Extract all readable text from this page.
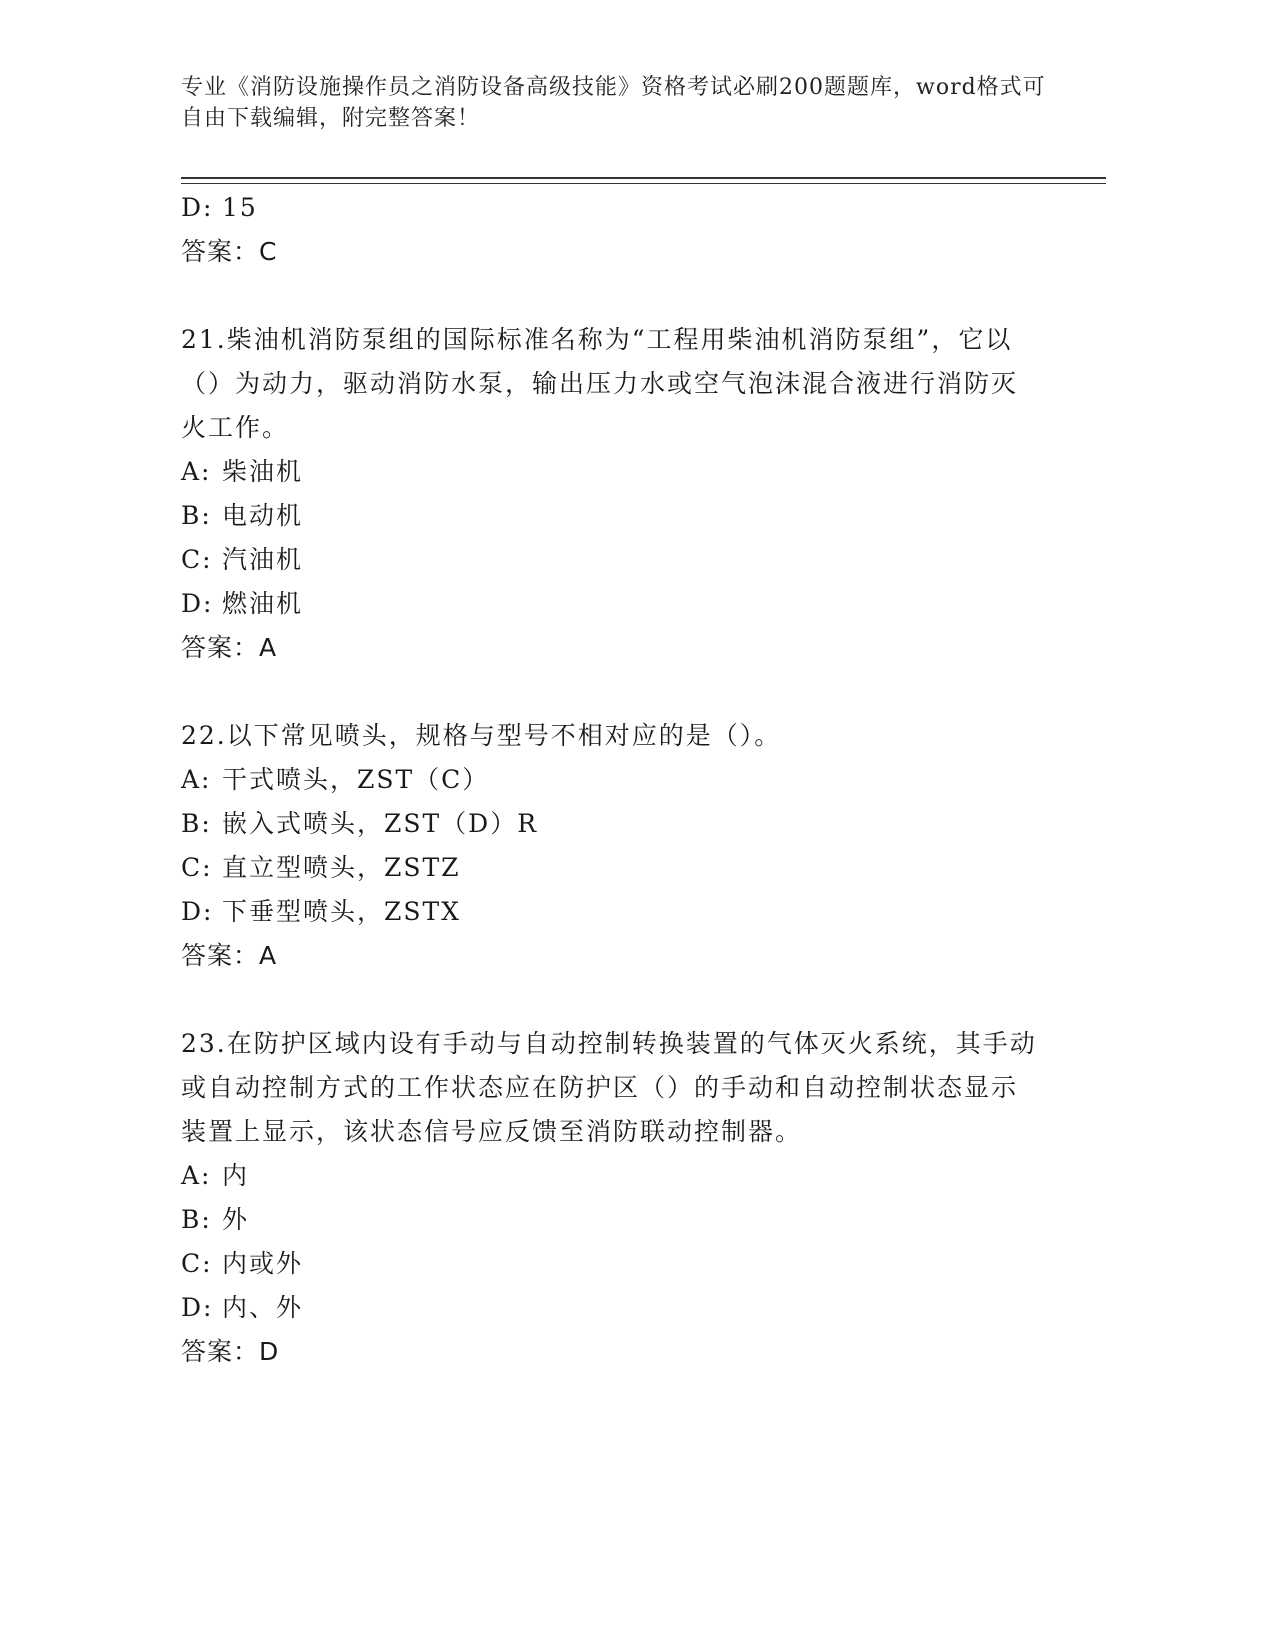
专业《消防设施操作员之消防设备高级技能》资格考试必刷200题题库，word格式可自由下载编辑，附完整答案！
D: 15
答案：C
21.柴油机消防泵组的国际标准名称为“工程用柴油机消防泵组”，它以（）为动力，驱动消防水泵，输出压力水或空气泡沫混合液进行消防灭火工作。
A: 柴油机
B: 电动机
C: 汽油机
D: 燃油机
答案：A
22.以下常见喷头，规格与型号不相对应的是（）。
A: 干式喷头，ZST（C）
B: 嵌入式喷头，ZST（D）R
C: 直立型喷头，ZSTZ
D: 下垂型喷头，ZSTX
答案：A
23.在防护区域内设有手动与自动控制转换装置的气体灭火系统，其手动或自动控制方式的工作状态应在防护区（）的手动和自动控制状态显示装置上显示，该状态信号应反馈至消防联动控制器。
A: 内
B: 外
C: 内或外
D: 内、外
答案：D
